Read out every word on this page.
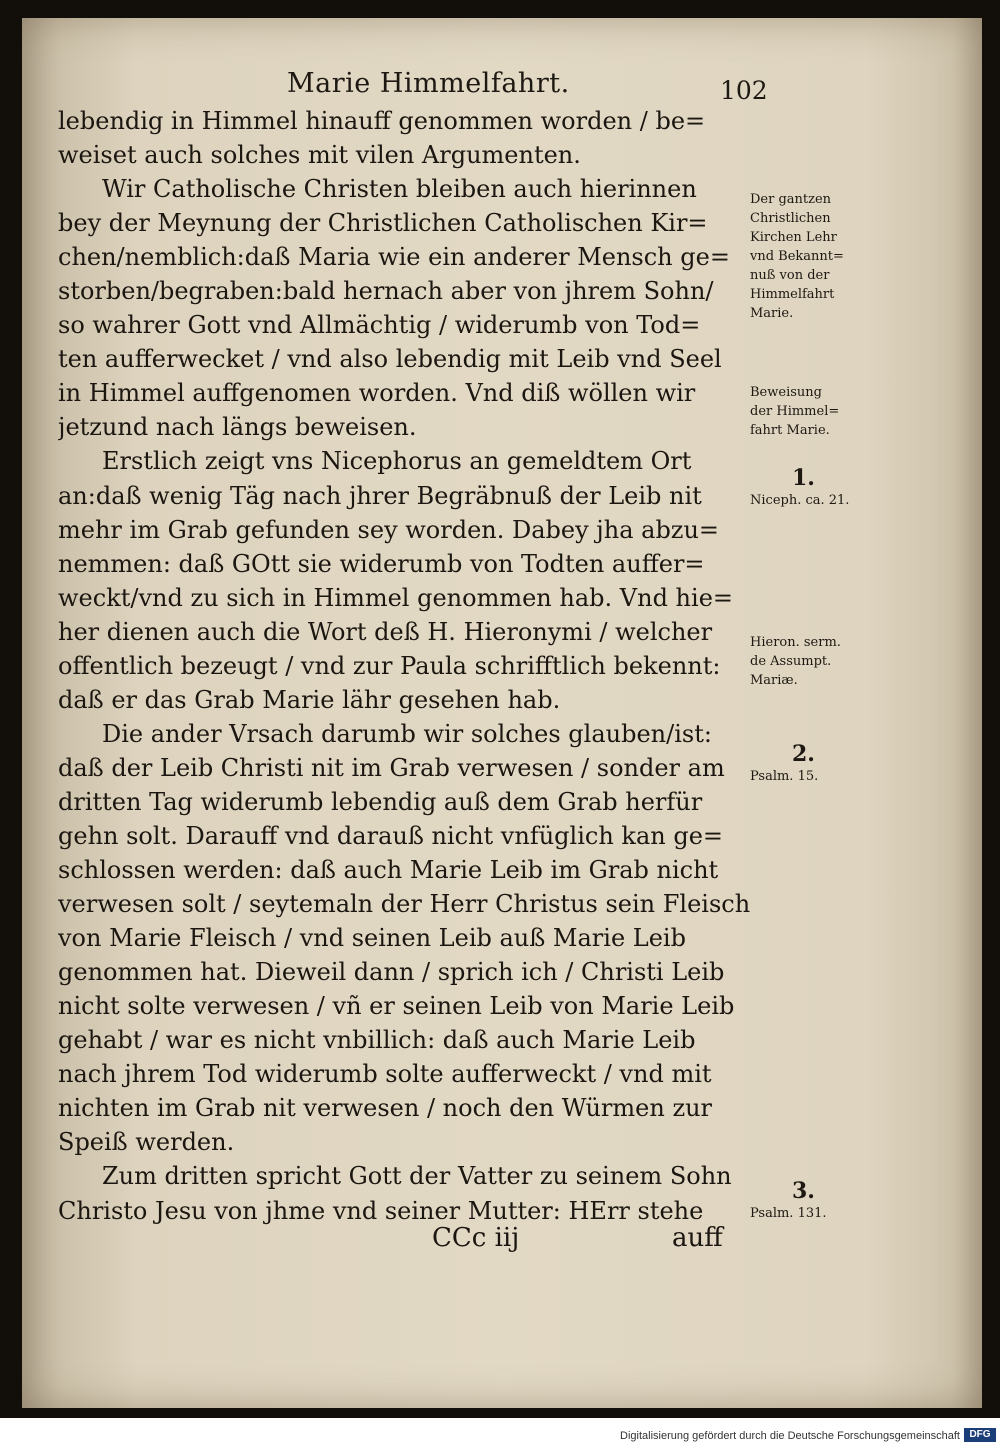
Marie Himmelfahrt.	102
lebendig in Himmel hinauff genommen worden / be=
weiset auch solches mit vilen Argumenten.
Wir Catholische Christen bleiben auch hierinnen
bey der Meynung der Christlichen Catholischen Kir=
chen/nemblich:daß Maria wie ein anderer Mensch ge=
storben/begraben:bald hernach aber von jhrem Sohn/
so wahrer Gott vnd Allmächtig / widerumb von Tod=
ten aufferwecket / vnd also lebendig mit Leib vnd Seel
in Himmel auffgenomen worden. Vnd diß wöllen wir
jetzund nach längs beweisen.
Erstlich zeigt vns Nicephorus an gemeldtem Ort
an:daß wenig Täg nach jhrer Begräbnuß der Leib nit
mehr im Grab gefunden sey worden. Dabey jha abzu=
nemmen: daß GOtt sie widerumb von Todten auffer=
weckt/vnd zu sich in Himmel genommen hab. Vnd hie=
her dienen auch die Wort deß H. Hieronymi / welcher
offentlich bezeugt / vnd zur Paula schrifftlich bekennt:
daß er das Grab Marie lähr gesehen hab.
Die ander Vrsach darumb wir solches glauben/ist:
daß der Leib Christi nit im Grab verwesen / sonder am
dritten Tag widerumb lebendig auß dem Grab herfür
gehn solt. Darauff vnd darauß nicht vnfüglich kan ge=
schlossen werden: daß auch Marie Leib im Grab nicht
verwesen solt / seytemaln der Herr Christus sein Fleisch
von Marie Fleisch / vnd seinen Leib auß Marie Leib
genommen hat. Dieweil dann / sprich ich / Christi Leib
nicht solte verwesen / vñ er seinen Leib von Marie Leib
gehabt / war es nicht vnbillich: daß auch Marie Leib
nach jhrem Tod widerumb solte aufferweckt / vnd mit
nichten im Grab nit verwesen / noch den Würmen zur
Speiß werden.
Zum dritten spricht Gott der Vatter zu seinem Sohn
Christo Jesu von jhme vnd seiner Mutter: HErr stehe
Der gantzen
Christlichen
Kirchen Lehr
vnd Bekannt=
nuß von der
Himmelfahrt
Marie.
Beweisung
der Himmel=
fahrt Marie.
1.
Niceph. ca. 21.
Hieron. serm.
de Assumpt.
Mariæ.
2.
Psalm. 15.
3.
Psalm. 131.
CCc iij	auff
Digitalisierung gefördert durch die Deutsche Forschungsgemeinschaft DFG
